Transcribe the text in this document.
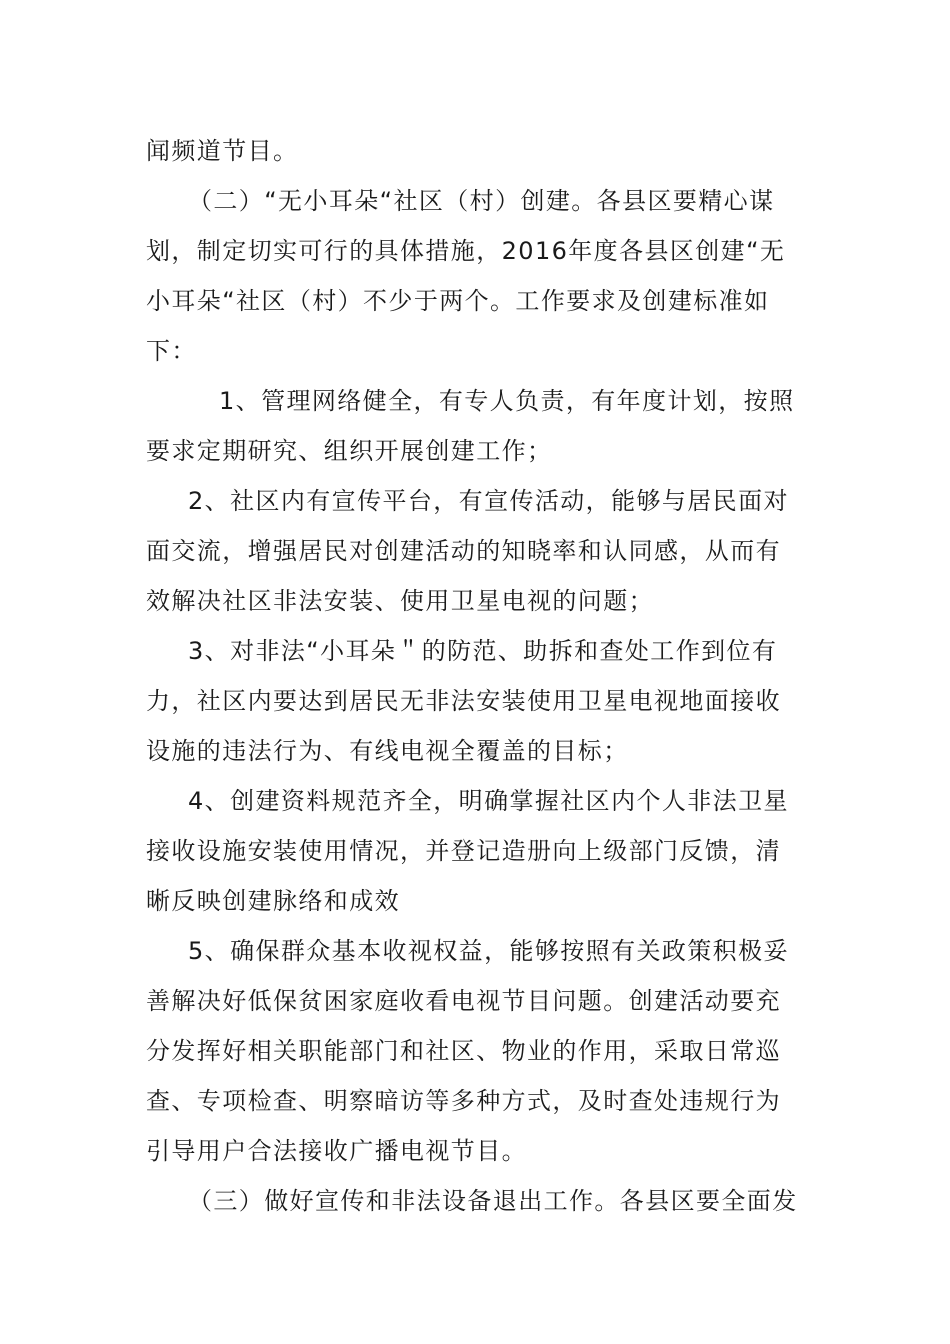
闻频道节目。
（二）“无小耳朵“社区（村）创建。各县区要精心谋
划，制定切实可行的具体措施，2016年度各县区创建“无
小耳朵“社区（村）不少于两个。工作要求及创建标准如
下：
1、管理网络健全，有专人负责，有年度计划，按照
要求定期研究、组织开展创建工作；
2、社区内有宣传平台，有宣传活动，能够与居民面对
面交流，增强居民对创建活动的知晓率和认同感，从而有
效解决社区非法安装、使用卫星电视的问题；
3、对非法“小耳朵＂的防范、助拆和查处工作到位有
力，社区内要达到居民无非法安装使用卫星电视地面接收
设施的违法行为、有线电视全覆盖的目标；
4、创建资料规范齐全，明确掌握社区内个人非法卫星
接收设施安装使用情况，并登记造册向上级部门反馈，清
晰反映创建脉络和成效
5、确保群众基本收视权益，能够按照有关政策积极妥
善解决好低保贫困家庭收看电视节目问题。创建活动要充
分发挥好相关职能部门和社区、物业的作用，采取日常巡
查、专项检查、明察暗访等多种方式，及时查处违规行为
引导用户合法接收广播电视节目。
（三）做好宣传和非法设备退出工作。各县区要全面发
